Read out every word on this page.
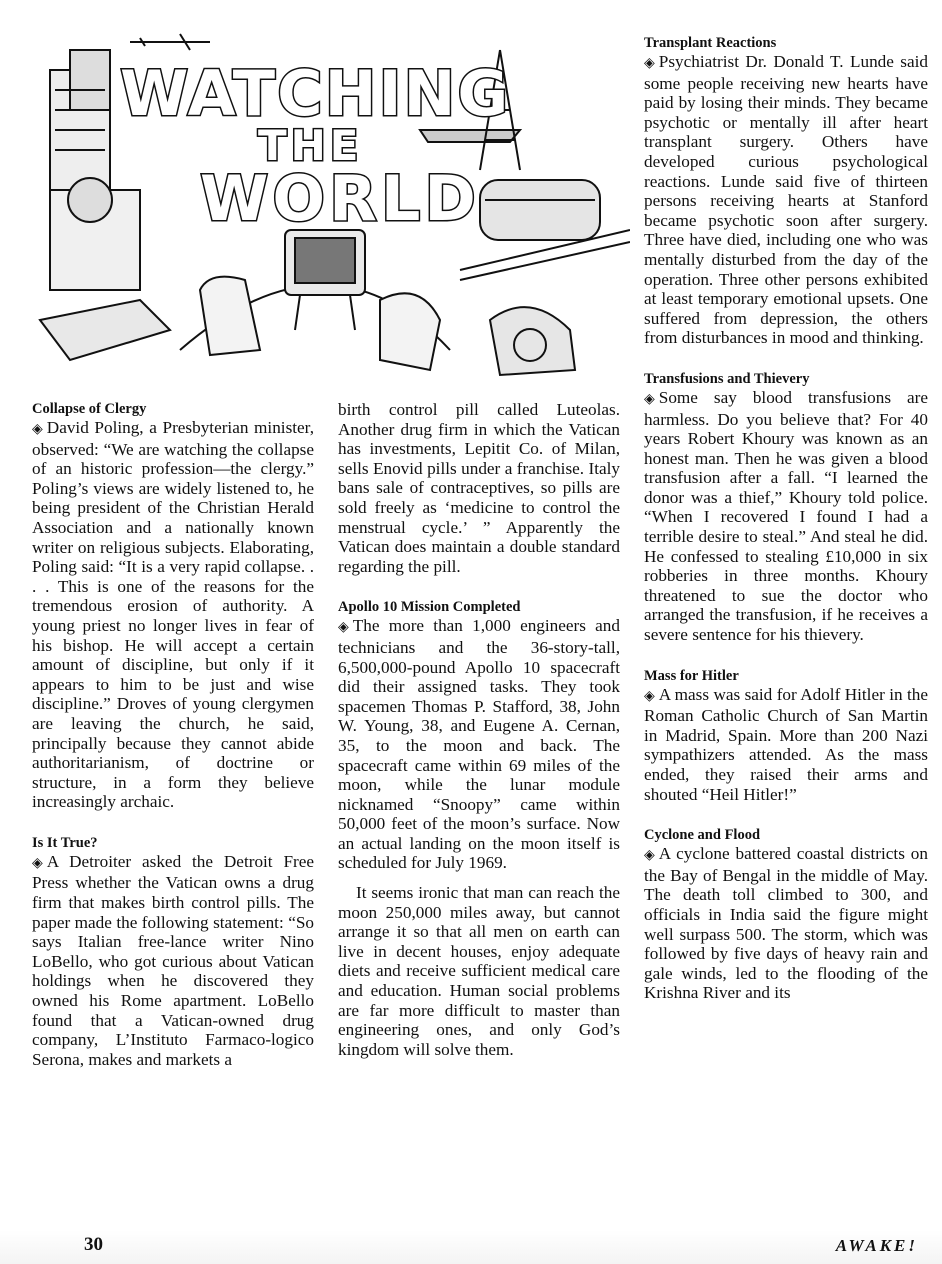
WATCHING
THE
WORLD

Collapse of Clergy

◈ David Poling, a Presbyterian minister, observed: “We are watching the collapse of an historic profession—the clergy.” Poling’s views are widely listened to, he being president of the Christian Herald Association and a nationally known writer on religious subjects. Elaborating, Poling said: “It is a very rapid collapse. . . . This is one of the reasons for the tremendous erosion of authority. A young priest no longer lives in fear of his bishop. He will accept a certain amount of discipline, but only if it appears to him to be just and wise discipline.” Droves of young clergymen are leaving the church, he said, principally because they cannot abide authoritarianism, of doctrine or structure, in a form they believe increasingly archaic.

Is It True?

◈ A Detroiter asked the Detroit Free Press whether the Vatican owns a drug firm that makes birth control pills. The paper made the following statement: “So says Italian free-lance writer Nino LoBello, who got curious about Vatican holdings when he discovered they owned his Rome apartment. LoBello found that a Vatican-owned drug company, L’Instituto Farmaco-logico Serona, makes and markets a

birth control pill called Luteolas. Another drug firm in which the Vatican has investments, Lepitit Co. of Milan, sells Enovid pills under a franchise. Italy bans sale of contraceptives, so pills are sold freely as ‘medicine to control the menstrual cycle.’ ” Apparently the Vatican does maintain a double standard regarding the pill.

Apollo 10 Mission Completed

◈ The more than 1,000 engineers and technicians and the 36-story-tall, 6,500,000-pound Apollo 10 spacecraft did their assigned tasks. They took spacemen Thomas P. Stafford, 38, John W. Young, 38, and Eugene A. Cernan, 35, to the moon and back. The spacecraft came within 69 miles of the moon, while the lunar module nicknamed “Snoopy” came within 50,000 feet of the moon’s surface. Now an actual landing on the moon itself is scheduled for July 1969.

It seems ironic that man can reach the moon 250,000 miles away, but cannot arrange it so that all men on earth can live in decent houses, enjoy adequate diets and receive sufficient medical care and education. Human social problems are far more difficult to master than engineering ones, and only God’s kingdom will solve them.

Transplant Reactions

◈ Psychiatrist Dr. Donald T. Lunde said some people receiving new hearts have paid by losing their minds. They became psychotic or mentally ill after heart transplant surgery. Others have developed curious psychological reactions. Lunde said five of thirteen persons receiving hearts at Stanford became psychotic soon after surgery. Three have died, including one who was mentally disturbed from the day of the operation. Three other persons exhibited at least temporary emotional upsets. One suffered from depression, the others from disturbances in mood and thinking.

Transfusions and Thievery

◈ Some say blood transfusions are harmless. Do you believe that? For 40 years Robert Khoury was known as an honest man. Then he was given a blood transfusion after a fall. “I learned the donor was a thief,” Khoury told police. “When I recovered I found I had a terrible desire to steal.” And steal he did. He confessed to stealing £10,000 in six robberies in three months. Khoury threatened to sue the doctor who arranged the transfusion, if he receives a severe sentence for his thievery.

Mass for Hitler

◈ A mass was said for Adolf Hitler in the Roman Catholic Church of San Martin in Madrid, Spain. More than 200 Nazi sympathizers attended. As the mass ended, they raised their arms and shouted “Heil Hitler!”

Cyclone and Flood

◈ A cyclone battered coastal districts on the Bay of Bengal in the middle of May. The death toll climbed to 300, and officials in India said the figure might well surpass 500. The storm, which was followed by five days of heavy rain and gale winds, led to the flooding of the Krishna River and its

30	AWAKE!
